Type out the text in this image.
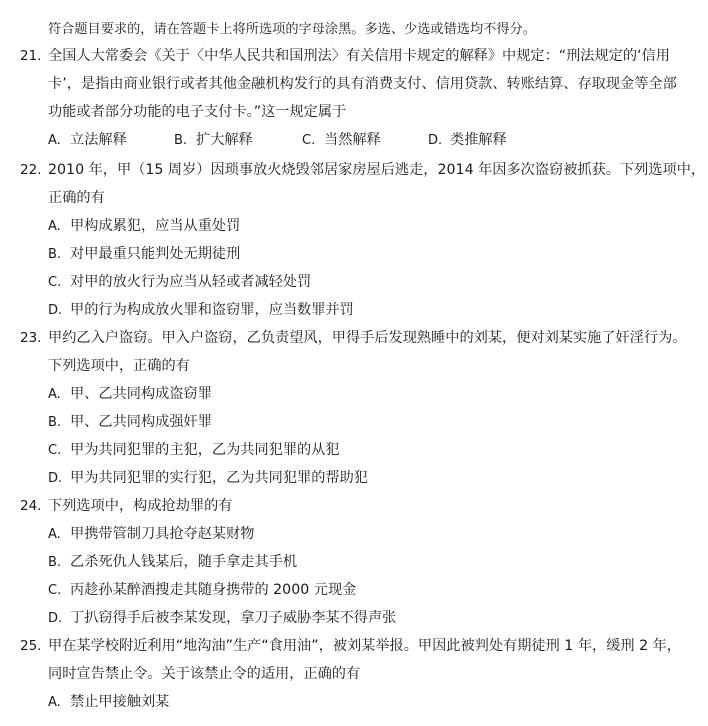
符合题目要求的，请在答题卡上将所选项的字母涂黑。多选、少选或错选均不得分。
21. 全国人大常委会《关于〈中华人民共和国刑法〉有关信用卡规定的解释》中规定：“刑法规定的‘信用
卡’，是指由商业银行或者其他金融机构发行的具有消费支付、信用贷款、转账结算、存取现金等全部
功能或者部分功能的电子支付卡。”这一规定属于
A. 立法解释	B. 扩大解释	C. 当然解释	D. 类推解释
22. 2010 年，甲（15 周岁）因琐事放火烧毁邻居家房屋后逃走，2014 年因多次盗窃被抓获。下列选项中，
正确的有
A. 甲构成累犯，应当从重处罚
B. 对甲最重只能判处无期徒刑
C. 对甲的放火行为应当从轻或者减轻处罚
D. 甲的行为构成放火罪和盗窃罪，应当数罪并罚
23. 甲约乙入户盗窃。甲入户盗窃，乙负责望风，甲得手后发现熟睡中的刘某，便对刘某实施了奸淫行为。
下列选项中，正确的有
A. 甲、乙共同构成盗窃罪
B. 甲、乙共同构成强奸罪
C. 甲为共同犯罪的主犯，乙为共同犯罪的从犯
D. 甲为共同犯罪的实行犯，乙为共同犯罪的帮助犯
24. 下列选项中，构成抢劫罪的有
A. 甲携带管制刀具抢夺赵某财物
B. 乙杀死仇人钱某后，随手拿走其手机
C. 丙趁孙某醉酒搜走其随身携带的 2000 元现金
D. 丁扒窃得手后被李某发现，拿刀子威胁李某不得声张
25. 甲在某学校附近利用“地沟油”生产“食用油”，被刘某举报。甲因此被判处有期徒刑 1 年，缓刑 2 年，
同时宣告禁止令。关于该禁止令的适用，正确的有
A. 禁止甲接触刘某
